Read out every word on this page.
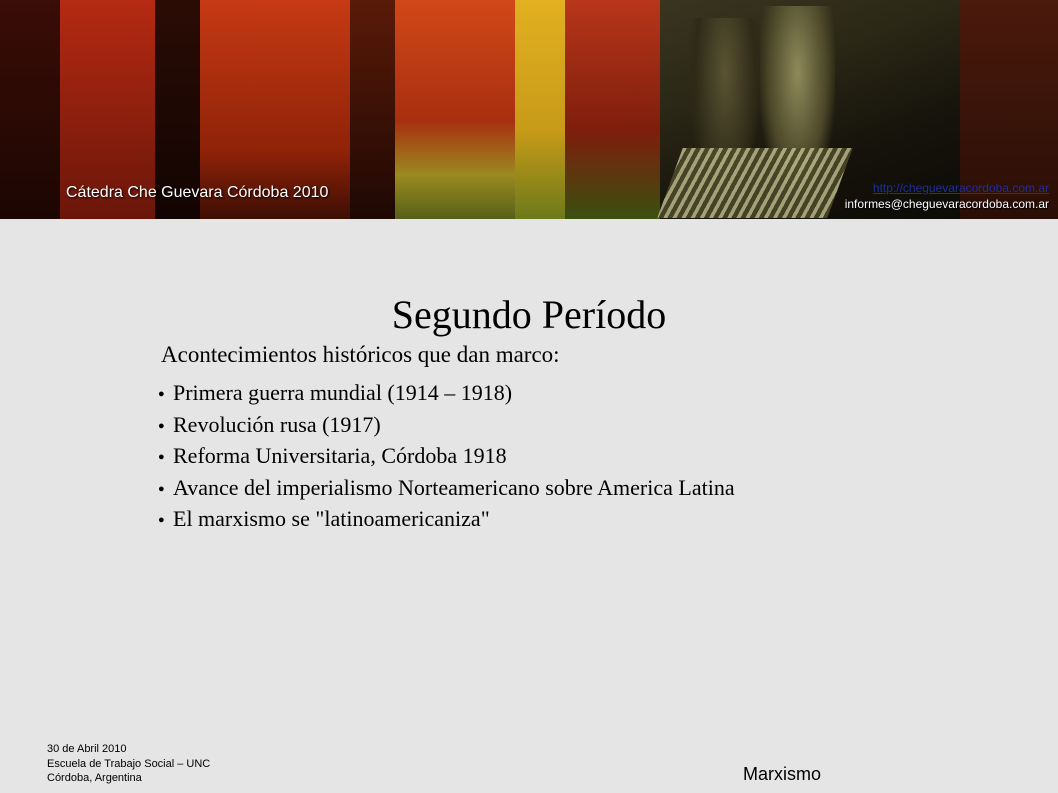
Cátedra Che Guevara Córdoba 2010	http://cheguevaracordoba.com.ar
informes@cheguevaracordoba.com.ar
Segundo Período
Acontecimientos históricos que dan marco:
● Primera guerra mundial (1914 – 1918)
● Revolución rusa (1917)
● Reforma Universitaria, Córdoba 1918
● Avance del imperialismo Norteamericano sobre America Latina
● El marxismo se "latinoamericaniza"
30 de Abril 2010
Escuela de Trabajo Social – UNC
Córdoba, Argentina	Marxismo
